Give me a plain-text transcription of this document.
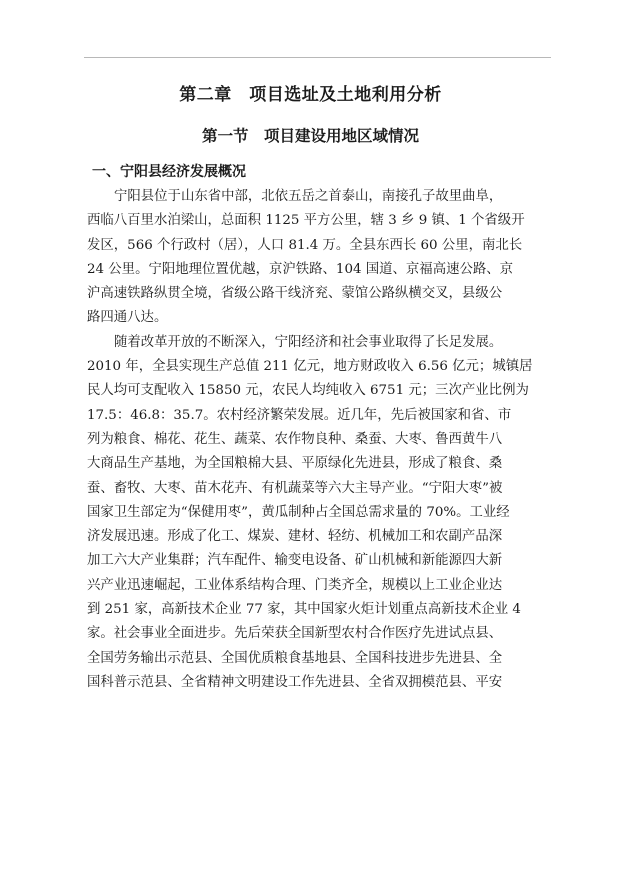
第二章　项目选址及土地利用分析
第一节　项目建设用地区域情况
一、宁阳县经济发展概况

宁阳县位于山东省中部，北依五岳之首泰山，南接孔子故里曲阜，
西临八百里水泊梁山，总面积 1125 平方公里，辖 3 乡 9 镇、1 个省级开
发区，566 个行政村（居），人口 81.4 万。全县东西长 60 公里，南北长
24 公里。宁阳地理位置优越，京沪铁路、104 国道、京福高速公路、京
沪高速铁路纵贯全境，省级公路干线济兖、蒙馆公路纵横交叉，县级公
路四通八达。

随着改革开放的不断深入，宁阳经济和社会事业取得了长足发展。
2010 年，全县实现生产总值 211 亿元，地方财政收入 6.56 亿元；城镇居
民人均可支配收入 15850 元，农民人均纯收入 6751 元；三次产业比例为
17.5：46.8：35.7。农村经济繁荣发展。近几年，先后被国家和省、市
列为粮食、棉花、花生、蔬菜、农作物良种、桑蚕、大枣、鲁西黄牛八
大商品生产基地，为全国粮棉大县、平原绿化先进县，形成了粮食、桑
蚕、畜牧、大枣、苗木花卉、有机蔬菜等六大主导产业。“宁阳大枣”被
国家卫生部定为“保健用枣”，黄瓜制种占全国总需求量的 70%。工业经
济发展迅速。形成了化工、煤炭、建材、轻纺、机械加工和农副产品深
加工六大产业集群；汽车配件、输变电设备、矿山机械和新能源四大新
兴产业迅速崛起，工业体系结构合理、门类齐全，规模以上工业企业达
到 251 家，高新技术企业 77 家，其中国家火炬计划重点高新技术企业 4
家。社会事业全面进步。先后荣获全国新型农村合作医疗先进试点县、
全国劳务输出示范县、全国优质粮食基地县、全国科技进步先进县、全
国科普示范县、全省精神文明建设工作先进县、全省双拥模范县、平安
